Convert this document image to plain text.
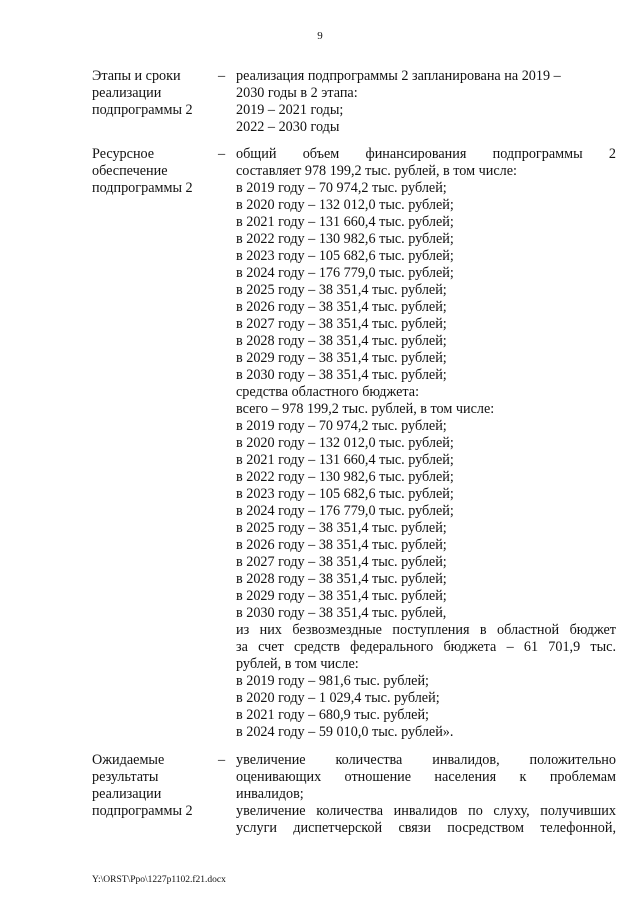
9
Этапы и сроки
реализации
подпрограммы 2
– реализация подпрограммы 2 запланирована на 2019 –
2030 годы в 2 этапа:
2019 – 2021 годы;
2022 – 2030 годы
Ресурсное
обеспечение
подпрограммы 2
– общий объем финансирования подпрограммы 2
составляет 978 199,2 тыс. рублей, в том числе:
в 2019 году – 70 974,2 тыс. рублей;
в 2020 году – 132 012,0 тыс. рублей;
в 2021 году – 131 660,4 тыс. рублей;
в 2022 году – 130 982,6 тыс. рублей;
в 2023 году – 105 682,6 тыс. рублей;
в 2024 году – 176 779,0 тыс. рублей;
в 2025 году – 38 351,4 тыс. рублей;
в 2026 году – 38 351,4 тыс. рублей;
в 2027 году – 38 351,4 тыс. рублей;
в 2028 году – 38 351,4 тыс. рублей;
в 2029 году – 38 351,4 тыс. рублей;
в 2030 году – 38 351,4 тыс. рублей;
средства областного бюджета:
всего – 978 199,2 тыс. рублей, в том числе:
в 2019 году – 70 974,2 тыс. рублей;
в 2020 году – 132 012,0 тыс. рублей;
в 2021 году – 131 660,4 тыс. рублей;
в 2022 году – 130 982,6 тыс. рублей;
в 2023 году – 105 682,6 тыс. рублей;
в 2024 году – 176 779,0 тыс. рублей;
в 2025 году – 38 351,4 тыс. рублей;
в 2026 году – 38 351,4 тыс. рублей;
в 2027 году – 38 351,4 тыс. рублей;
в 2028 году – 38 351,4 тыс. рублей;
в 2029 году – 38 351,4 тыс. рублей;
в 2030 году – 38 351,4 тыс. рублей,
из них безвозмездные поступления в областной бюджет
за счет средств федерального бюджета – 61 701,9 тыс.
рублей, в том числе:
в 2019 году – 981,6 тыс. рублей;
в 2020 году – 1 029,4 тыс. рублей;
в 2021 году – 680,9 тыс. рублей;
в 2024 году – 59 010,0 тыс. рублей».
Ожидаемые
результаты
реализации
подпрограммы 2
– увеличение количества инвалидов, положительно
оценивающих отношение населения к проблемам
инвалидов;
увеличение количества инвалидов по слуху, получивших
услуги диспетчерской связи посредством телефонной,
Y:\ORST\Ppo\1227p1102.f21.docx
